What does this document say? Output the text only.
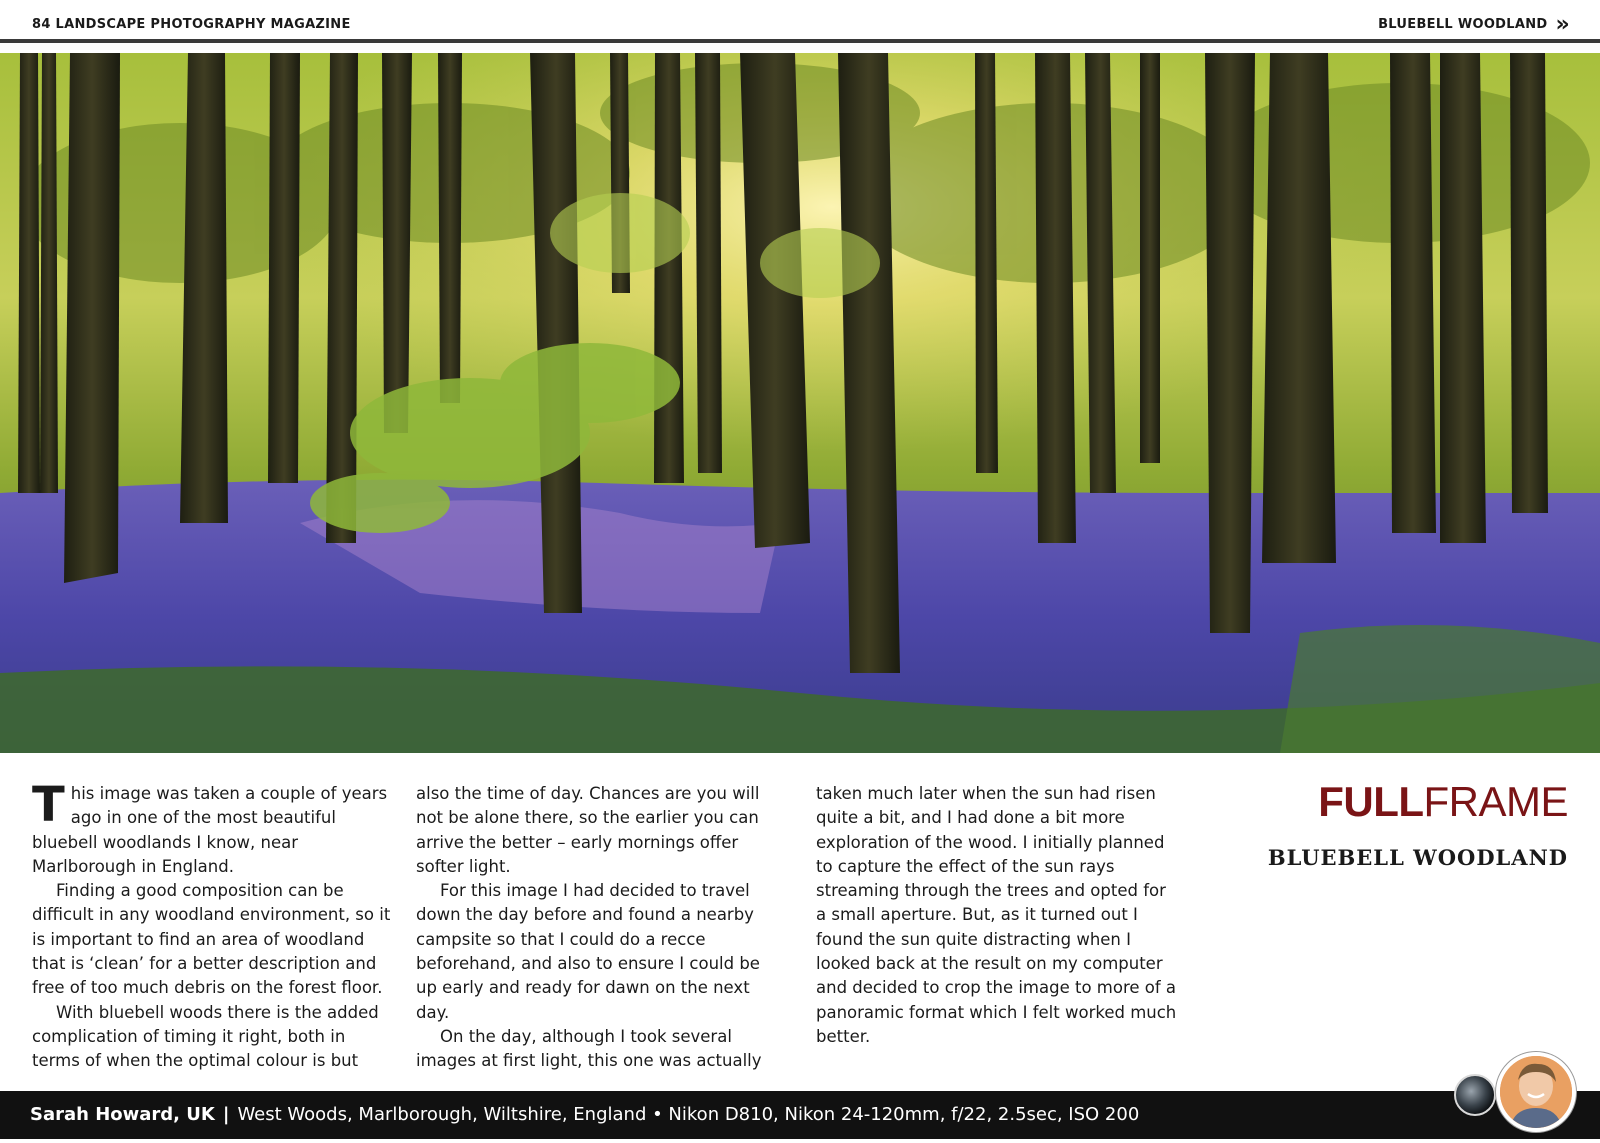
84 LANDSCAPE PHOTOGRAPHY MAGAZINE	BLUEBELL WOODLAND »

This image was taken a couple of years ago in one of the most beautiful bluebell woodlands I know, near Marlborough in England.

Finding a good composition can be difficult in any woodland environment, so it is important to find an area of woodland that is ‘clean’ for a better description and free of too much debris on the forest floor.

With bluebell woods there is the added complication of timing it right, both in terms of when the optimal colour is but

also the time of day. Chances are you will not be alone there, so the earlier you can arrive the better – early mornings offer softer light.

For this image I had decided to travel down the day before and found a nearby campsite so that I could do a recce beforehand, and also to ensure I could be up early and ready for dawn on the next day.

On the day, although I took several images at first light, this one was actually

taken much later when the sun had risen quite a bit, and I had done a bit more exploration of the wood. I initially planned to capture the effect of the sun rays streaming through the trees and opted for a small aperture. But, as it turned out I found the sun quite distracting when I looked back at the result on my computer and decided to crop the image to more of a panoramic format which I felt worked much better.

FULLFRAME
BLUEBELL WOODLAND
Sarah Howard, UK | West Woods, Marlborough, Wiltshire, England • Nikon D810, Nikon 24-120mm, f/22, 2.5sec, ISO 200
